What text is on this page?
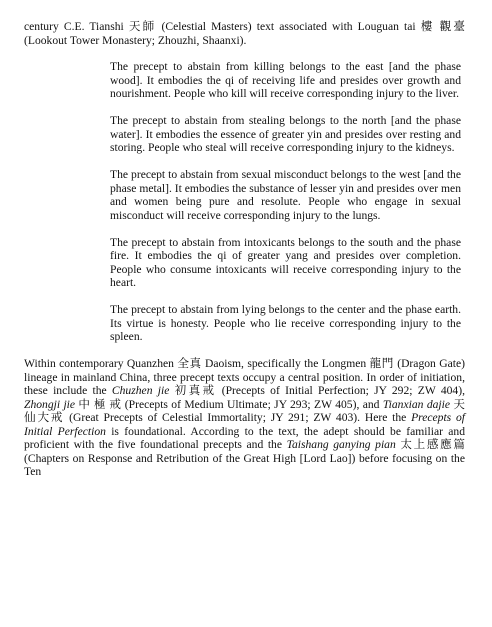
century C.E. Tianshi 天師 (Celestial Masters) text associated with Louguan tai 樓 觀臺 (Lookout Tower Monastery; Zhouzhi, Shaanxi).

The precept to abstain from killing belongs to the east [and the phase wood]. It embodies the qi of receiving life and presides over growth and nourishment. People who kill will receive corresponding injury to the liver.

The precept to abstain from stealing belongs to the north [and the phase water]. It embodies the essence of greater yin and presides over resting and storing. People who steal will receive corresponding injury to the kidneys.

The precept to abstain from sexual misconduct belongs to the west [and the phase metal]. It embodies the substance of lesser yin and presides over men and women being pure and resolute. People who engage in sexual misconduct will receive corresponding injury to the lungs.

The precept to abstain from intoxicants belongs to the south and the phase fire. It embodies the qi of greater yang and presides over completion. People who consume intoxicants will receive corresponding injury to the heart.

The precept to abstain from lying belongs to the center and the phase earth. Its virtue is honesty. People who lie receive corresponding injury to the spleen.

Within contemporary Quanzhen 全真 Daoism, specifically the Longmen 龍門 (Dragon Gate) lineage in mainland China, three precept texts occupy a central position. In order of initiation, these include the Chuzhen jie 初真戒 (Precepts of Initial Perfection; JY 292; ZW 404), Zhongji jie 中 極 戒 (Precepts of Medium Ultimate; JY 293; ZW 405), and Tianxian dajie 天仙大戒 (Great Precepts of Celestial Immortality; JY 291; ZW 403). Here the Precepts of Initial Perfection is foundational. According to the text, the adept should be familiar and proficient with the five foundational precepts and the Taishang ganying pian 太上感應篇 (Chapters on Response and Retribution of the Great High [Lord Lao]) before focusing on the Ten
